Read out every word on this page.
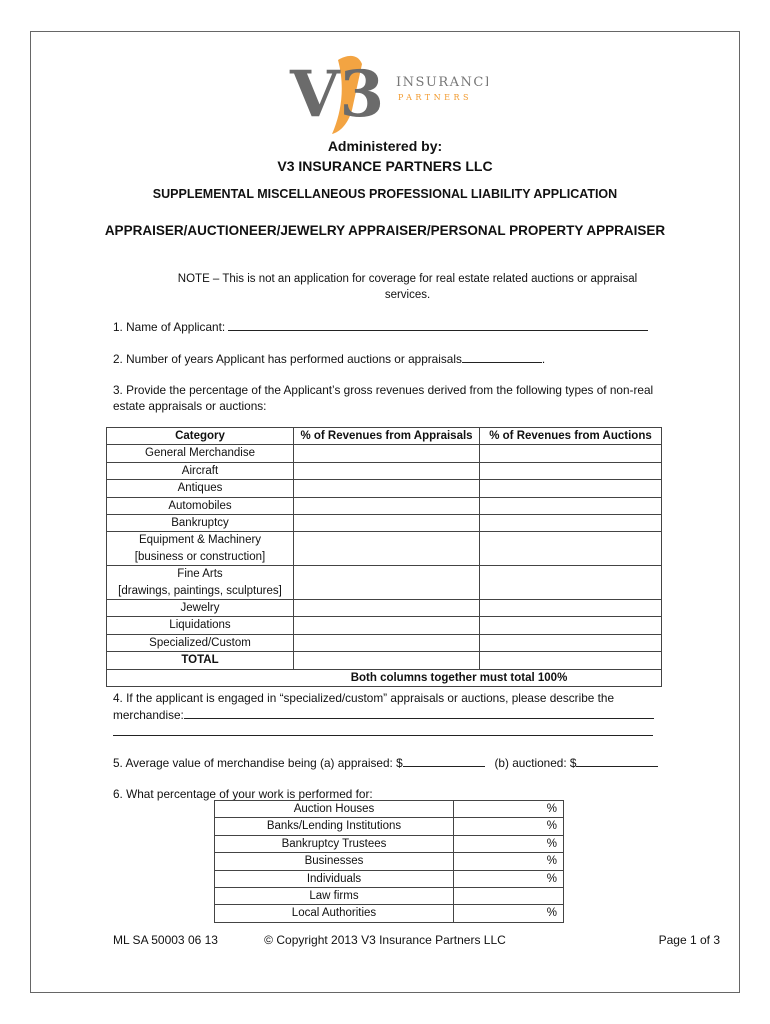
V3 INSURANCE
PARTNERS
Administered by:
V3 INSURANCE PARTNERS LLC
SUPPLEMENTAL MISCELLANEOUS PROFESSIONAL LIABILITY APPLICATION
APPRAISER/AUCTIONEER/JEWELRY APPRAISER/PERSONAL PROPERTY APPRAISER
NOTE – This is not an application for coverage for real estate related auctions or appraisal services.
1. Name of Applicant:
2. Number of years Applicant has performed auctions or appraisals	.
3. Provide the percentage of the Applicant’s gross revenues derived from the following types of non-real estate appraisals or auctions:
Category	% of Revenues from Appraisals	% of Revenues from Auctions
General Merchandise		
Aircraft		
Antiques		
Automobiles		
Bankruptcy		

Equipment & Machinery
[business or construction]		

Fine Arts
[drawings, paintings, sculptures]		

Jewelry		
Liquidations		
Specialized/Custom		
TOTAL		
Both columns together must total 100%		
4. If the applicant is engaged in “specialized/custom” appraisals or auctions, please describe the merchandise:
5. Average value of merchandise being (a) appraised: $	(b) auctioned: $
6. What percentage of your work is performed for:
Auction Houses	%
Banks/Lending Institutions	%
Bankruptcy Trustees	%
Businesses	%
Individuals	%
Law firms	
Local Authorities	%
ML SA 50003 06 13	© Copyright 2013 V3 Insurance Partners LLC	Page 1 of 3
